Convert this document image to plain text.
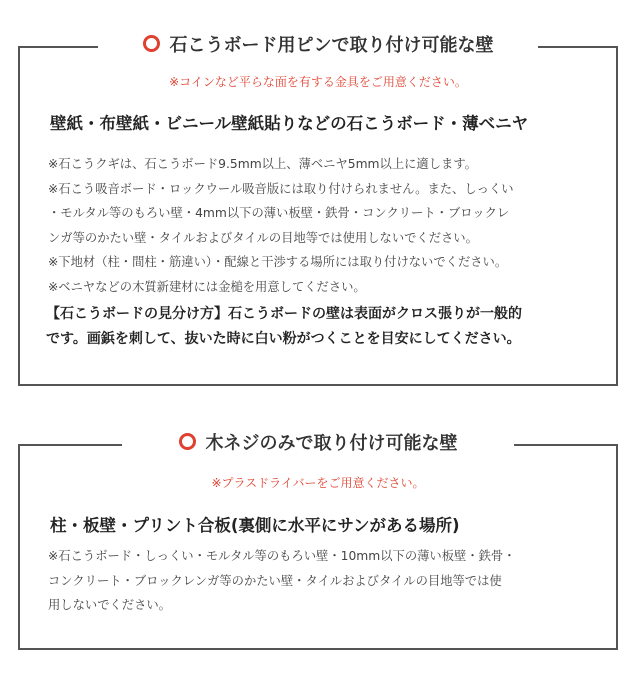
石こうボード用ピンで取り付け可能な壁
※コインなど平らな面を有する金具をご用意ください。
壁紙・布壁紙・ビニール壁紙貼りなどの石こうボード・薄ベニヤ
※石こうクギは、石こうボード9.5mm以上、薄ベニヤ5mm以上に適します。
※石こう吸音ボード・ロックウール吸音版には取り付けられません。また、しっくい
・モルタル等のもろい壁・4mm以下の薄い板壁・鉄骨・コンクリート・ブロックレ
ンガ等のかたい壁・タイルおよびタイルの目地等では使用しないでください。
※下地材（柱・間柱・筋違い）・配線と干渉する場所には取り付けないでください。
※ベニヤなどの木質新建材には金槌を用意してください。
【石こうボードの見分け方】石こうボードの壁は表面がクロス張りが一般的
です。画鋲を刺して、抜いた時に白い粉がつくことを目安にしてください。
木ネジのみで取り付け可能な壁
※プラスドライバーをご用意ください。
柱・板壁・プリント合板(裏側に水平にサンがある場所)
※石こうボード・しっくい・モルタル等のもろい壁・10mm以下の薄い板壁・鉄骨・
コンクリート・ブロックレンガ等のかたい壁・タイルおよびタイルの目地等では使
用しないでください。
